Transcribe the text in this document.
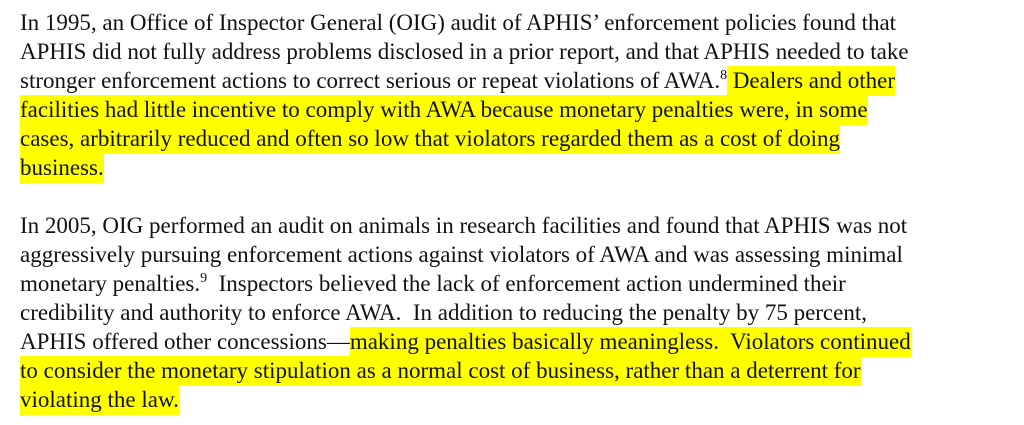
In 1995, an Office of Inspector General (OIG) audit of APHIS’ enforcement policies found that
APHIS did not fully address problems disclosed in a prior report, and that APHIS needed to take
stronger enforcement actions to correct serious or repeat violations of AWA.$^8$ Dealers and other
facilities had little incentive to comply with AWA because monetary penalties were, in some
cases, arbitrarily reduced and often so low that violators regarded them as a cost of doing
business.
In 2005, OIG performed an audit on animals in research facilities and found that APHIS was not
aggressively pursuing enforcement actions against violators of AWA and was assessing minimal
monetary penalties.$^9$  Inspectors believed the lack of enforcement action undermined their
credibility and authority to enforce AWA.  In addition to reducing the penalty by 75 percent,
APHIS offered other concessions—making penalties basically meaningless.  Violators continued
to consider the monetary stipulation as a normal cost of business, rather than a deterrent for
violating the law.
